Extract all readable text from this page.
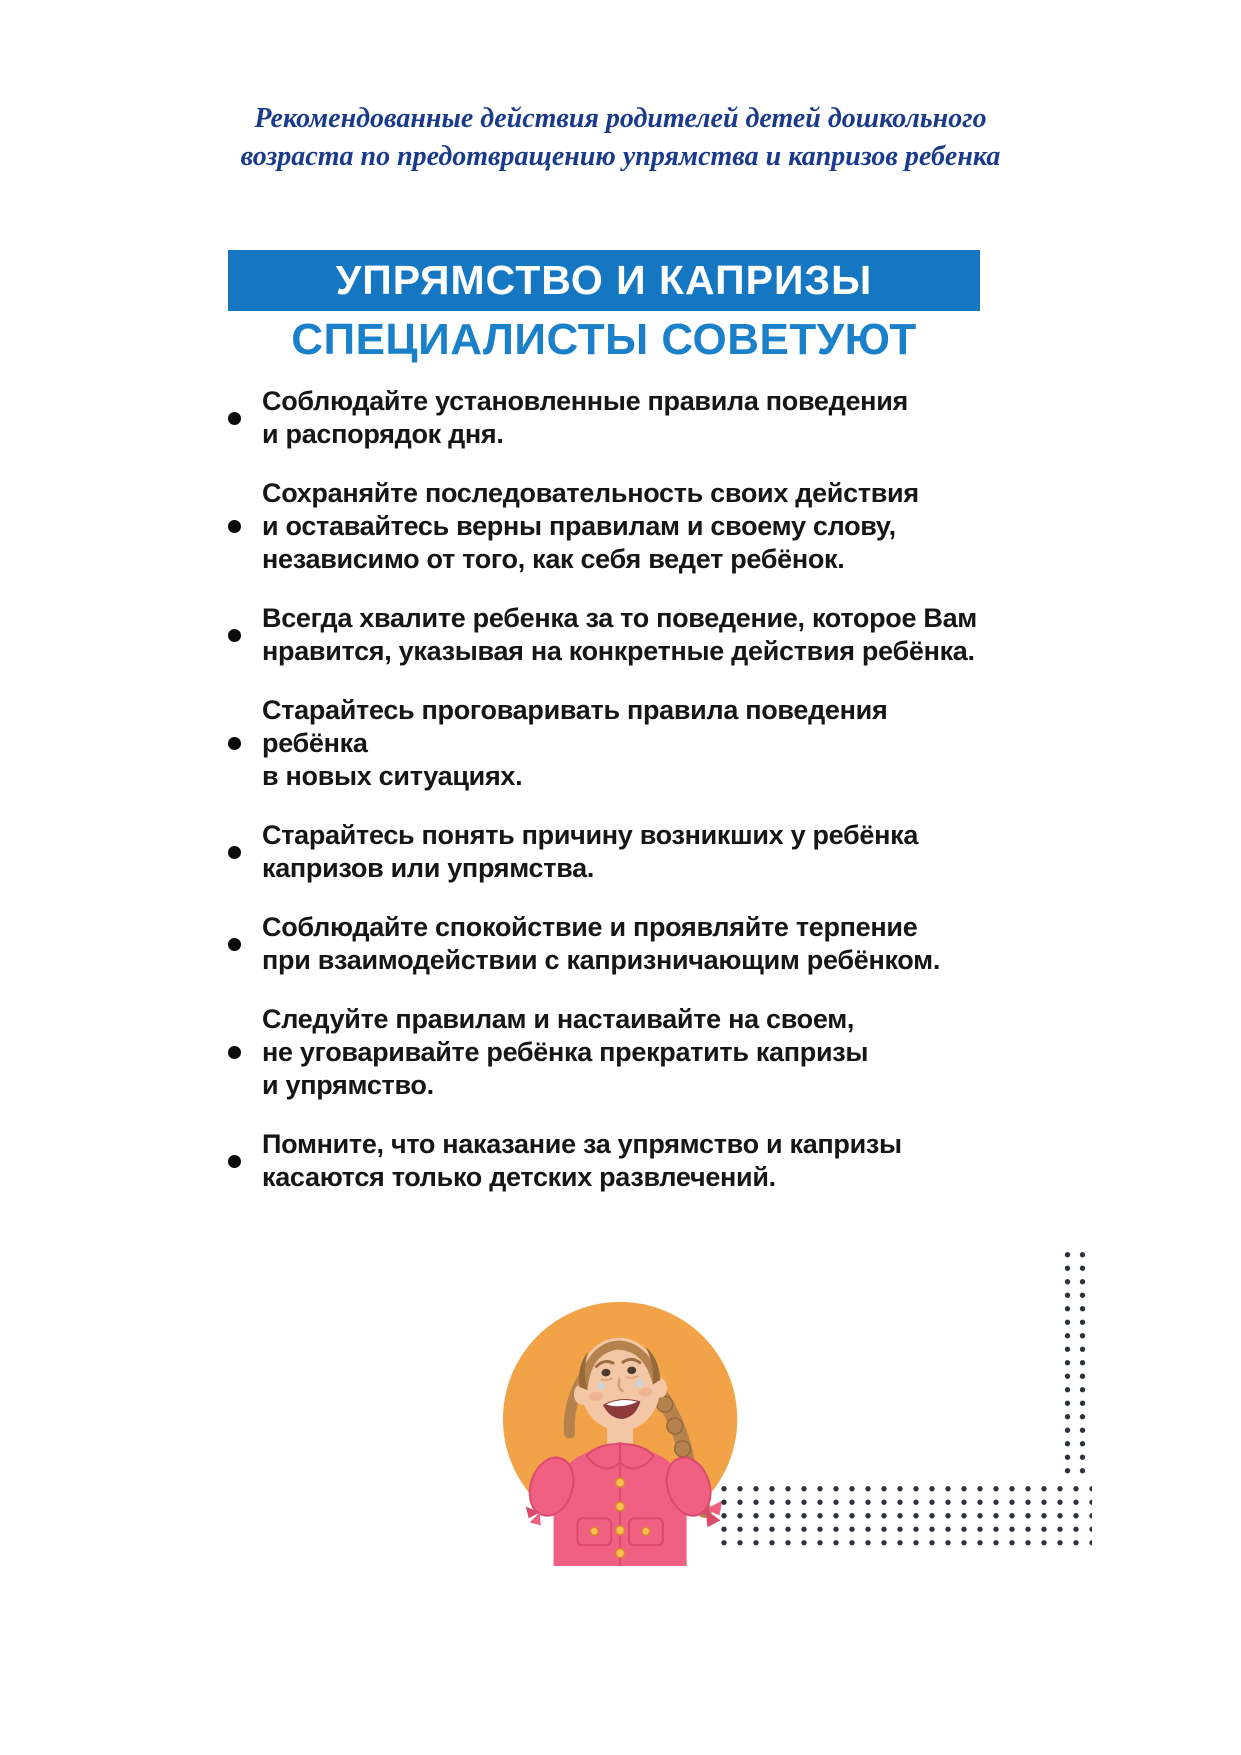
Рекомендованные действия родителей детей дошкольного
возраста по предотвращению упрямства и капризов ребенка
УПРЯМСТВО И КАПРИЗЫ
СПЕЦИАЛИСТЫ СОВЕТУЮТ
Соблюдайте установленные правила поведения
и распорядок дня.
Сохраняйте последовательность своих действия
и оставайтесь верны правилам и своему слову,
независимо от того, как себя ведет ребёнок.
Всегда хвалите ребенка за то поведение, которое Вам
нравится, указывая на конкретные действия ребёнка.
Старайтесь проговаривать правила поведения ребёнка
в новых ситуациях.
Старайтесь понять причину возникших у ребёнка
капризов или упрямства.
Соблюдайте спокойствие и проявляйте терпение
при взаимодействии с капризничающим ребёнком.
Следуйте правилам и настаивайте на своем,
не уговаривайте ребёнка прекратить капризы
и упрямство.
Помните, что наказание за упрямство и капризы
касаются только детских развлечений.
